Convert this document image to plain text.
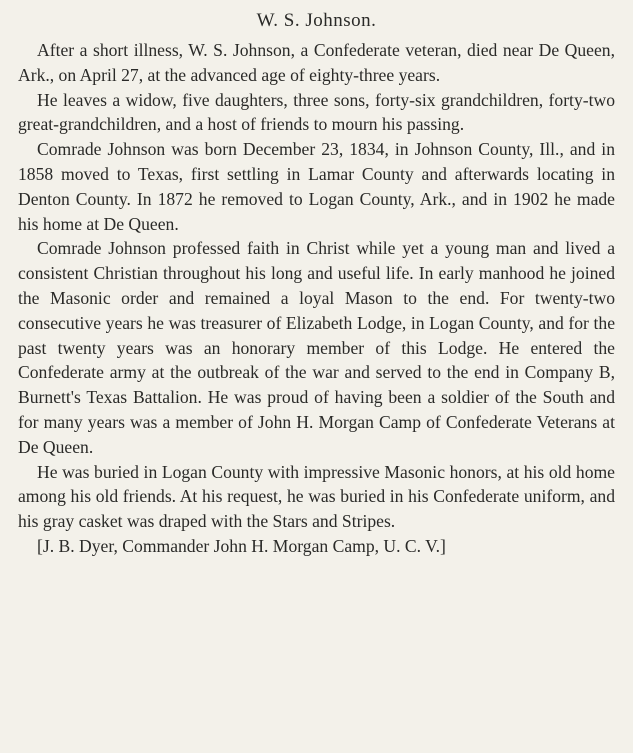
W. S. Johnson.

After a short illness, W. S. Johnson, a Confederate veteran, died near De Queen, Ark., on April 27, at the advanced age of eighty-three years.

He leaves a widow, five daughters, three sons, forty-six grandchildren, forty-two great-grandchildren, and a host of friends to mourn his passing.

Comrade Johnson was born December 23, 1834, in Johnson County, Ill., and in 1858 moved to Texas, first settling in Lamar County and afterwards locating in Denton County. In 1872 he removed to Logan County, Ark., and in 1902 he made his home at De Queen.

Comrade Johnson professed faith in Christ while yet a young man and lived a consistent Christian throughout his long and useful life. In early manhood he joined the Masonic order and remained a loyal Mason to the end. For twenty-two consecutive years he was treasurer of Elizabeth Lodge, in Logan County, and for the past twenty years was an honorary member of this Lodge. He entered the Confederate army at the outbreak of the war and served to the end in Company B, Burnett's Texas Battalion. He was proud of having been a soldier of the South and for many years was a member of John H. Morgan Camp of Confederate Veterans at De Queen.

He was buried in Logan County with impressive Masonic honors, at his old home among his old friends. At his request, he was buried in his Confederate uniform, and his gray casket was draped with the Stars and Stripes.

[J. B. Dyer, Commander John H. Morgan Camp, U. C. V.]
